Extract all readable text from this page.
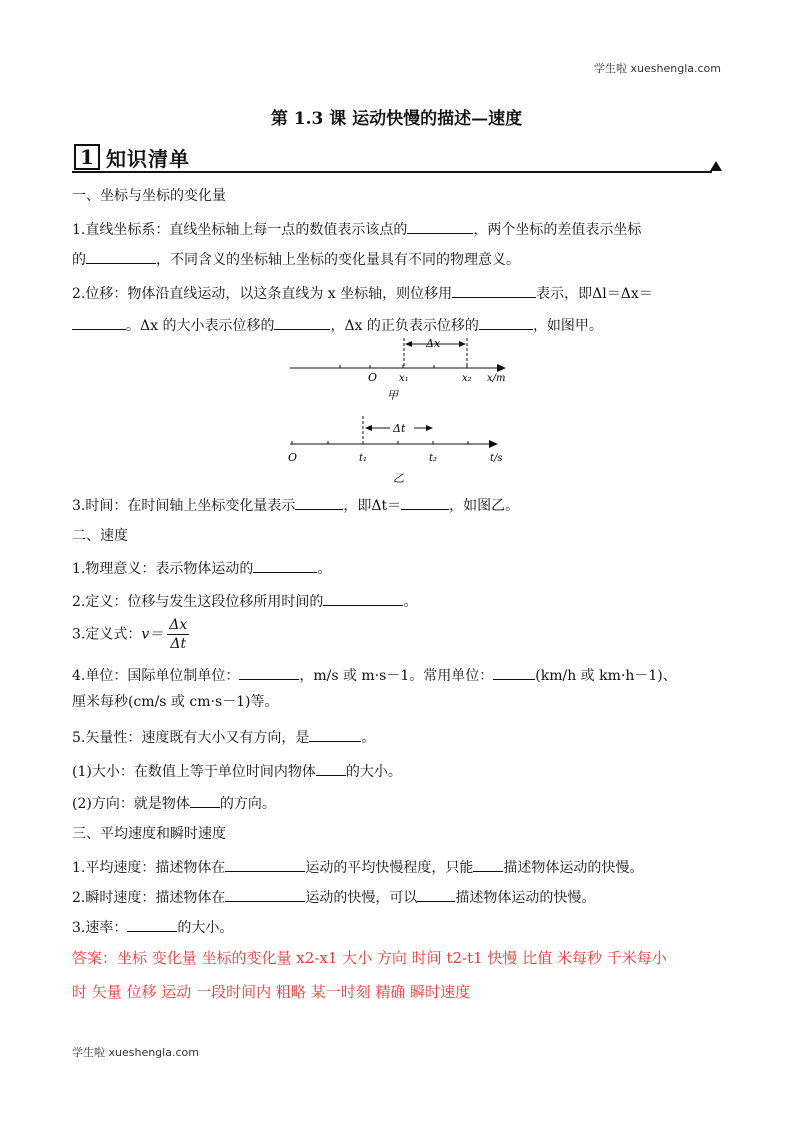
学生啦 xueshengla.com
第 1.3 课 运动快慢的描述—速度
1 知识清单
一、坐标与坐标的变化量
1.直线坐标系：直线坐标轴上每一点的数值表示该点的	，两个坐标的差值表示坐标
的	，不同含义的坐标轴上坐标的变化量具有不同的物理意义。
2.位移：物体沿直线运动，以这条直线为 x 坐标轴，则位移用	表示，即Δl＝Δx＝
。Δx 的大小表示位移的	，Δx 的正负表示位移的	，如图甲。
Δx
O x₁	x₂ x/m
甲
Δt
O	t₁	t₂	t/s
乙
3.时间：在时间轴上坐标变化量表示	，即Δt＝	，如图乙。
二、速度
1.物理意义：表示物体运动的	。
2.定义：位移与发生这段位移所用时间的	。
3.定义式：$v= \frac{\Delta x}{\Delta t}$
4.单位：国际单位制单位：	，m/s 或 m·s－1。常用单位：	(km/h 或 km·h－1)、
厘米每秒(cm/s 或 cm·s－1)等。
5.矢量性：速度既有大小又有方向，是	。
(1)大小：在数值上等于单位时间内物体 的大小。
(2)方向：就是物体 的方向。
三、平均速度和瞬时速度
1.平均速度：描述物体在	运动的平均快慢程度，只能 描述物体运动的快慢。
2.瞬时速度：描述物体在	运动的快慢，可以	描述物体运动的快慢。
3.速率：	的大小。
答案：坐标 变化量 坐标的变化量 x2-x1 大小 方向 时间 t2-t1 快慢 比值 米每秒 千米每小
时 矢量 位移 运动 一段时间内 粗略 某一时刻 精确 瞬时速度
学生啦 xueshengla.com
